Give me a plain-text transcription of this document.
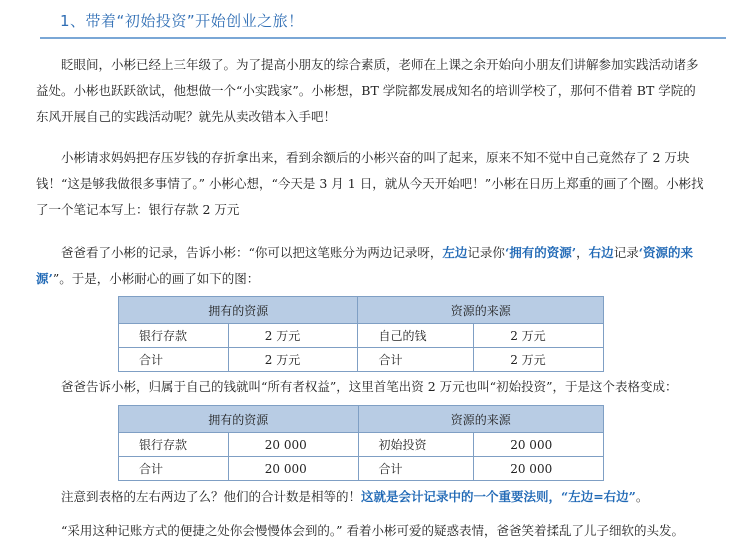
1、带着“初始投资”开始创业之旅！
眨眼间，小彬已经上三年级了。为了提高小朋友的综合素质，老师在上课之余开始向小朋友们讲解参加实践活动诸多益处。小彬也跃跃欲试，他想做一个“小实践家”。小彬想，BT 学院都发展成知名的培训学校了，那何不借着 BT 学院的东风开展自己的实践活动呢？就先从卖改错本入手吧！
小彬请求妈妈把存压岁钱的存折拿出来，看到余额后的小彬兴奋的叫了起来，原来不知不觉中自己竟然存了 2 万块钱！“这是够我做很多事情了。” 小彬心想，“今天是 3 月 1 日，就从今天开始吧！”小彬在日历上郑重的画了个圈。小彬找了一个笔记本写上：银行存款 2 万元
爸爸看了小彬的记录，告诉小彬：“你可以把这笔账分为两边记录呀，左边记录你‘拥有的资源’，右边记录‘资源的来源’”。于是，小彬耐心的画了如下的图：
拥有的资源		资源的来源	
银行存款	2 万元	自己的钱	2 万元
合计	2 万元	合计	2 万元
爸爸告诉小彬，归属于自己的钱就叫“所有者权益”，这里首笔出资 2 万元也叫“初始投资”，于是这个表格变成：
拥有的资源		资源的来源	
银行存款	20 000	初始投资	20 000
合计	20 000	合计	20 000
注意到表格的左右两边了么？他们的合计数是相等的！这就是会计记录中的一个重要法则，“左边=右边”。
“采用这种记账方式的便捷之处你会慢慢体会到的。” 看着小彬可爱的疑惑表情，爸爸笑着揉乱了儿子细软的头发。
